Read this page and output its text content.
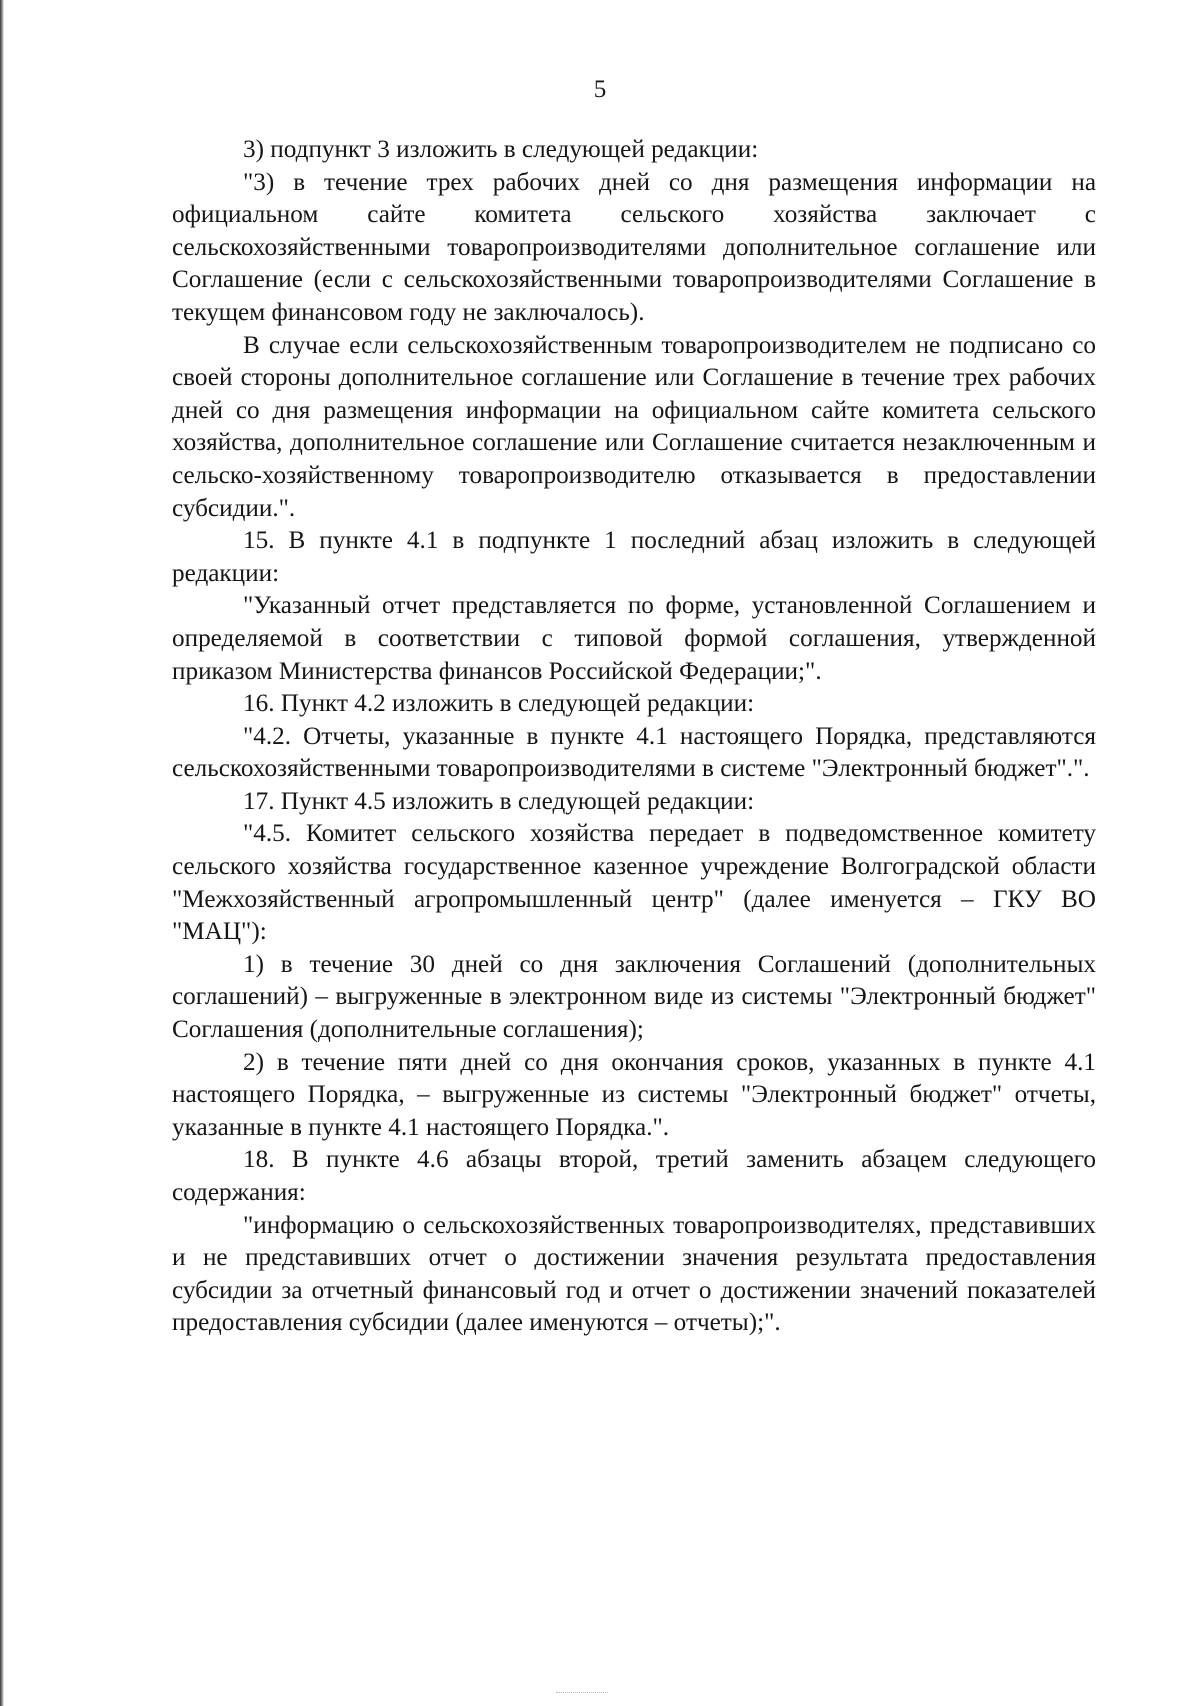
5

3) подпункт 3 изложить в следующей редакции:

"3) в течение трех рабочих дней со дня размещения информации на официальном сайте комитета сельского хозяйства заключает с сельскохозяйственными товаропроизводителями дополнительное соглашение или Соглашение (если с сельскохозяйственными товаропроизводителями Соглашение в текущем финансовом году не заключалось).

В случае если сельскохозяйственным товаропроизводителем не подписано со своей стороны дополнительное соглашение или Соглашение в течение трех рабочих дней со дня размещения информации на официальном сайте комитета сельского хозяйства, дополнительное соглашение или Соглашение считается незаключенным и сельско-хозяйственному товаропроизводителю отказывается в предоставлении субсидии.".

15. В пункте 4.1 в подпункте 1 последний абзац изложить в следующей редакции:

"Указанный отчет представляется по форме, установленной Соглашением и определяемой в соответствии с типовой формой соглашения, утвержденной приказом Министерства финансов Российской Федерации;".

16. Пункт 4.2 изложить в следующей редакции:

"4.2. Отчеты, указанные в пункте 4.1 настоящего Порядка, представляются сельскохозяйственными товаропроизводителями в системе "Электронный бюджет".".

17. Пункт 4.5 изложить в следующей редакции:

"4.5. Комитет сельского хозяйства передает в подведомственное комитету сельского хозяйства государственное казенное учреждение Волгоградской области "Межхозяйственный агропромышленный центр" (далее именуется – ГКУ ВО "МАЦ"):

1) в течение 30 дней со дня заключения Соглашений (дополнительных соглашений) – выгруженные в электронном виде из системы "Электронный бюджет" Соглашения (дополнительные соглашения);

2) в течение пяти дней со дня окончания сроков, указанных в пункте 4.1 настоящего Порядка, – выгруженные из системы "Электронный бюджет" отчеты, указанные в пункте 4.1 настоящего Порядка.".

18. В пункте 4.6 абзацы второй, третий заменить абзацем следующего содержания:

"информацию о сельскохозяйственных товаропроизводителях, представивших и не представивших отчет о достижении значения результата предоставления субсидии за отчетный финансовый год и отчет о достижении значений показателей предоставления субсидии (далее именуются – отчеты);".
